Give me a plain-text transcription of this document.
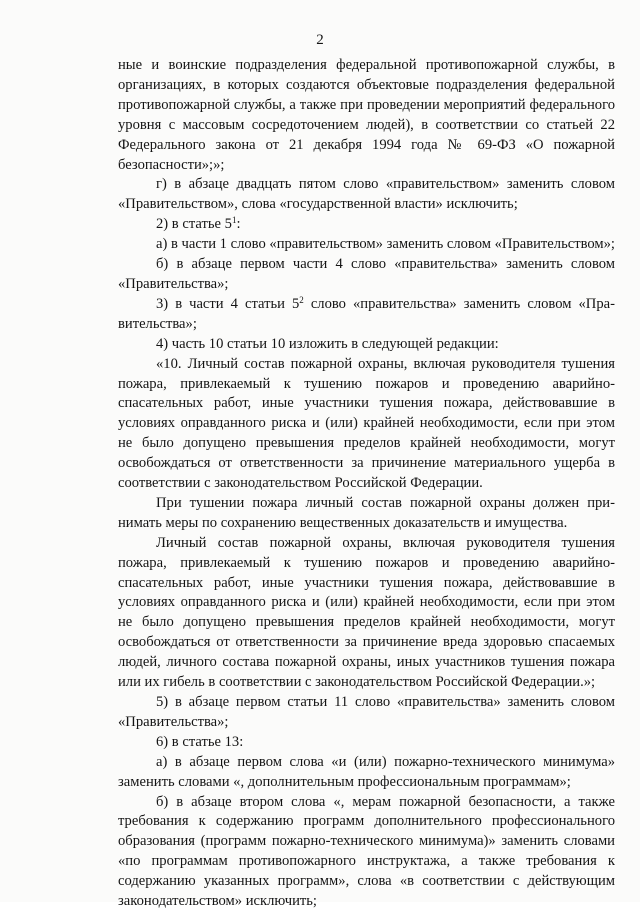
2

ные и воинские подразделения федеральной противопожарной службы, в организациях, в которых создаются объектовые подразделения федеральной противопожарной службы, а также при проведении мероприятий федерального уровня с массовым сосредоточением людей), в соответствии со статьей 22 Федерального закона от 21 декабря 1994 года № 69-ФЗ «О пожарной безопасности»;»;

г) в абзаце двадцать пятом слово «правительством» заменить словом «Правительством», слова «государственной власти» исключить;

2) в статье $5^1$:

а) в части 1 слово «правительством» заменить словом «Правительством»;

б) в абзаце первом части 4 слово «правительства» заменить словом «Правительства»;

3) в части 4 статьи $5^2$ слово «правительства» заменить словом «Правительства»;

4) часть 10 статьи 10 изложить в следующей редакции:

«10. Личный состав пожарной охраны, включая руководителя тушения пожара, привлекаемый к тушению пожаров и проведению аварийно-спасательных работ, иные участники тушения пожара, действовавшие в условиях оправданного риска и (или) крайней необходимости, если при этом не было допущено превышения пределов крайней необходимости, могут освобождаться от ответственности за причинение материального ущерба в соответствии с законодательством Российской Федерации.

При тушении пожара личный состав пожарной охраны должен принимать меры по сохранению вещественных доказательств и имущества.

Личный состав пожарной охраны, включая руководителя тушения пожара, привлекаемый к тушению пожаров и проведению аварийно-спасательных работ, иные участники тушения пожара, действовавшие в условиях оправданного риска и (или) крайней необходимости, если при этом не было допущено превышения пределов крайней необходимости, могут освобождаться от ответственности за причинение вреда здоровью спасаемых людей, личного состава пожарной охраны, иных участников тушения пожара или их гибель в соответствии с законодательством Российской Федерации.»;

5) в абзаце первом статьи 11 слово «правительства» заменить словом «Правительства»;

6) в статье 13:

а) в абзаце первом слова «и (или) пожарно-технического минимума» заменить словами «, дополнительным профессиональным программам»;

б) в абзаце втором слова «, мерам пожарной безопасности, а также требования к содержанию программ дополнительного профессионального образования (программ пожарно-технического минимума)» заменить словами «по программам противопожарного инструктажа, а также требования к содержанию указанных программ», слова «в соответствии с действующим законодательством» исключить;
